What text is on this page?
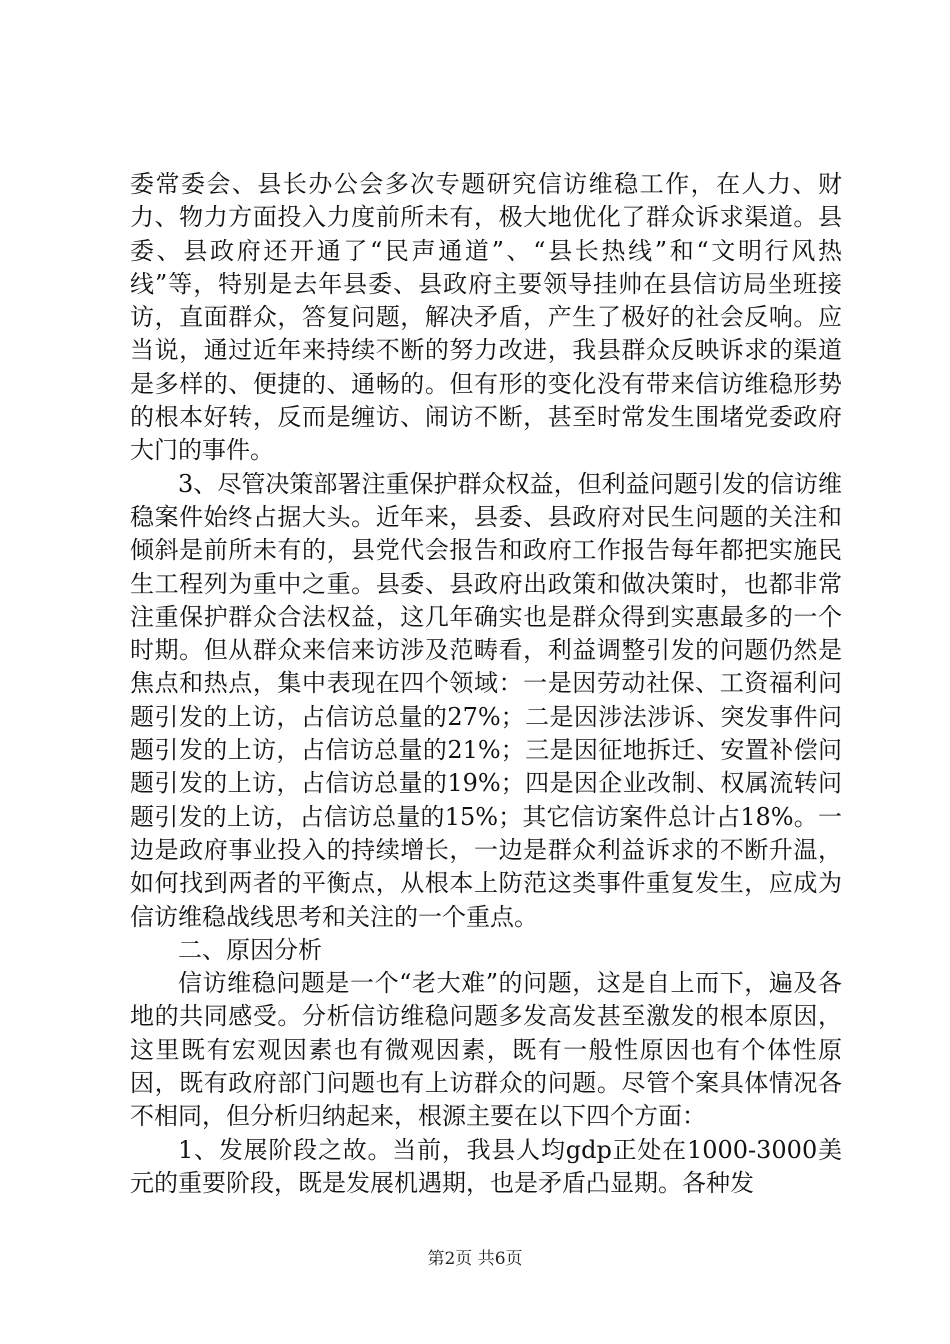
委常委会、县长办公会多次专题研究信访维稳工作，在人力、财力、物力方面投入力度前所未有，极大地优化了群众诉求渠道。县委、县政府还开通了“民声通道”、“县长热线”和“文明行风热线”等，特别是去年县委、县政府主要领导挂帅在县信访局坐班接访，直面群众，答复问题，解决矛盾，产生了极好的社会反响。应当说，通过近年来持续不断的努力改进，我县群众反映诉求的渠道是多样的、便捷的、通畅的。但有形的变化没有带来信访维稳形势的根本好转，反而是缠访、闹访不断，甚至时常发生围堵党委政府大门的事件。

3、尽管决策部署注重保护群众权益，但利益问题引发的信访维稳案件始终占据大头。近年来，县委、县政府对民生问题的关注和倾斜是前所未有的，县党代会报告和政府工作报告每年都把实施民生工程列为重中之重。县委、县政府出政策和做决策时，也都非常注重保护群众合法权益，这几年确实也是群众得到实惠最多的一个时期。但从群众来信来访涉及范畴看，利益调整引发的问题仍然是焦点和热点，集中表现在四个领域：一是因劳动社保、工资福利问题引发的上访，占信访总量的27%；二是因涉法涉诉、突发事件问题引发的上访，占信访总量的21%；三是因征地拆迁、安置补偿问题引发的上访，占信访总量的19%；四是因企业改制、权属流转问题引发的上访，占信访总量的15%；其它信访案件总计占18%。一边是政府事业投入的持续增长，一边是群众利益诉求的不断升温，如何找到两者的平衡点，从根本上防范这类事件重复发生，应成为信访维稳战线思考和关注的一个重点。

二、原因分析

信访维稳问题是一个“老大难”的问题，这是自上而下，遍及各地的共同感受。分析信访维稳问题多发高发甚至激发的根本原因，这里既有宏观因素也有微观因素，既有一般性原因也有个体性原因，既有政府部门问题也有上访群众的问题。尽管个案具体情况各不相同，但分析归纳起来，根源主要在以下四个方面：

1、发展阶段之故。当前，我县人均gdp正处在1000-3000美元的重要阶段，既是发展机遇期，也是矛盾凸显期。各种发

第2页 共6页
